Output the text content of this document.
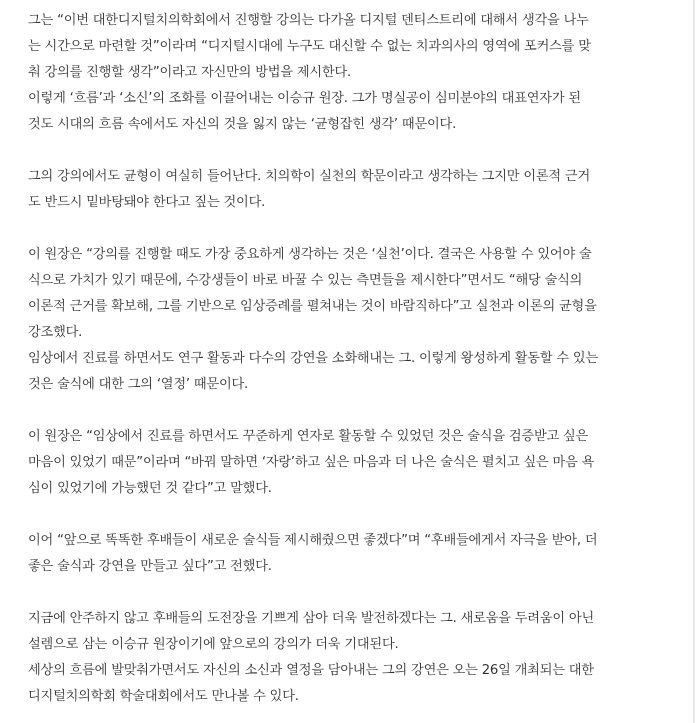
그는 “이번 대한디지털치의학회에서 진행할 강의는 다가올 디지털 덴티스트리에 대해서 생각을 나누
는 시간으로 마련할 것”이라며 “디지털시대에 누구도 대신할 수 없는 치과의사의 영역에 포커스를 맞
춰 강의를 진행할 생각”이라고 자신만의 방법을 제시한다.
이렇게 ‘흐름’과 ‘소신’의 조화를 이끌어내는 이승규 원장. 그가 명실공이 심미분야의 대표연자가 된
것도 시대의 흐름 속에서도 자신의 것을 잃지 않는 ‘균형잡힌 생각’ 때문이다.
그의 강의에서도 균형이 여실히 들어난다. 치의학이 실천의 학문이라고 생각하는 그지만 이론적 근거
도 반드시 밑바탕돼야 한다고 짚는 것이다.
이 원장은 “강의를 진행할 때도 가장 중요하게 생각하는 것은 ‘실천’이다. 결국은 사용할 수 있어야 술
식으로 가치가 있기 때문에, 수강생들이 바로 바꿀 수 있는 측면들을 제시한다”면서도 “해당 술식의
이론적 근거를 확보해, 그를 기반으로 임상증례를 펼쳐내는 것이 바람직하다”고 실천과 이론의 균형을
강조했다.
임상에서 진료를 하면서도 연구 활동과 다수의 강연을 소화해내는 그. 이렇게 왕성하게 활동할 수 있는
것은 술식에 대한 그의 ‘열정’ 때문이다.
이 원장은 “임상에서 진료를 하면서도 꾸준하게 연자로 활동할 수 있었던 것은 술식을 검증받고 싶은
마음이 있었기 때문”이라며 “바꿔 말하면 ‘자랑’하고 싶은 마음과 더 나은 술식은 펼치고 싶은 마음 욕
심이 있었기에 가능했던 것 같다”고 말했다.
이어 “앞으로 똑똑한 후배들이 새로운 술식들 제시해줬으면 좋겠다”며 “후배들에게서 자극을 받아, 더
좋은 술식과 강연을 만들고 싶다”고 전했다.
지금에 안주하지 않고 후배들의 도전장을 기쁘게 삼아 더욱 발전하겠다는 그. 새로움을 두려움이 아닌
설렘으로 삼는 이승규 원장이기에 앞으로의 강의가 더욱 기대된다.
세상의 흐름에 발맞춰가면서도 자신의 소신과 열정을 담아내는 그의 강연은 오는 26일 개최되는 대한
디지털치의학회 학술대회에서도 만나볼 수 있다.
